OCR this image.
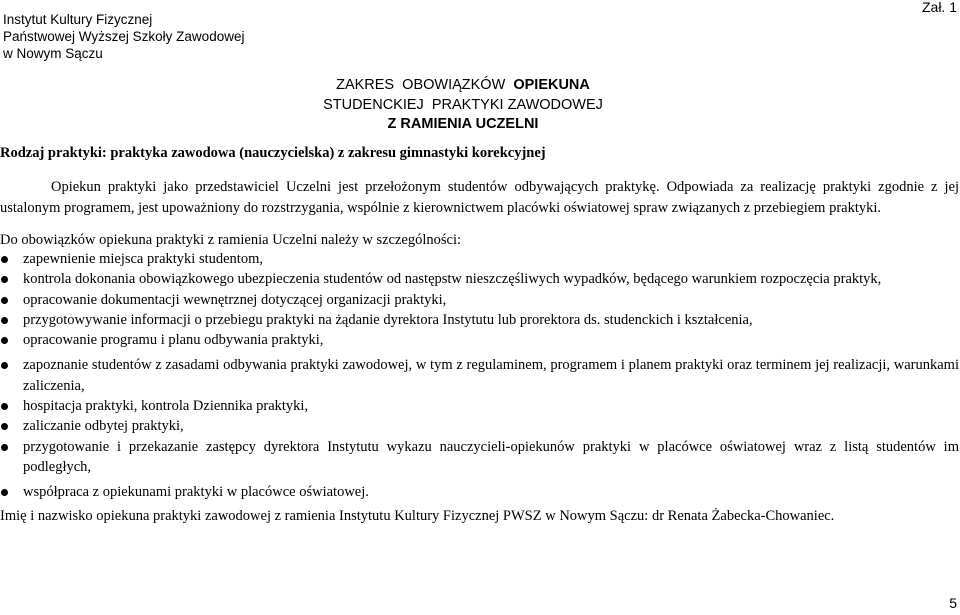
Instytut Kultury Fizycznej
Państwowej Wyższej Szkoły Zawodowej
w Nowym Sączu
Zał. 1
ZAKRES  OBOWIĄZKÓW  OPIEKUNA
STUDENCKIEJ  PRAKTYKI ZAWODOWEJ
Z RAMIENIA UCZELNI
Rodzaj praktyki: praktyka zawodowa (nauczycielska) z zakresu gimnastyki korekcyjnej

Opiekun praktyki jako przedstawiciel Uczelni jest przełożonym studentów odbywających praktykę. Odpowiada za realizację praktyki zgodnie z jej ustalonym programem, jest upoważniony do rozstrzygania, wspólnie z kierownictwem placówki oświatowej spraw związanych z przebiegiem praktyki.

Do obowiązków opiekuna praktyki z ramienia Uczelni należy w szczególności:
zapewnienie miejsca praktyki studentom,
kontrola dokonania obowiązkowego ubezpieczenia studentów od następstw nieszczęśliwych wypadków, będącego warunkiem rozpoczęcia praktyk,
opracowanie dokumentacji wewnętrznej dotyczącej organizacji praktyki,
przygotowywanie informacji o przebiegu praktyki na żądanie dyrektora Instytutu lub prorektora ds. studenckich i kształcenia,
opracowanie programu i planu odbywania praktyki,
zapoznanie studentów z zasadami odbywania praktyki zawodowej, w tym z regulaminem, programem i planem praktyki oraz terminem jej realizacji, warunkami zaliczenia,
hospitacja praktyki, kontrola Dziennika praktyki,
zaliczanie odbytej praktyki,
przygotowanie i przekazanie zastępcy dyrektora Instytutu wykazu nauczycieli-opiekunów praktyki w placówce oświatowej wraz z listą studentów im podległych,
współpraca z opiekunami praktyki w placówce oświatowej.
Imię i nazwisko opiekuna praktyki zawodowej z ramienia Instytutu Kultury Fizycznej PWSZ w Nowym Sączu: dr Renata Żabecka-Chowaniec.
5
